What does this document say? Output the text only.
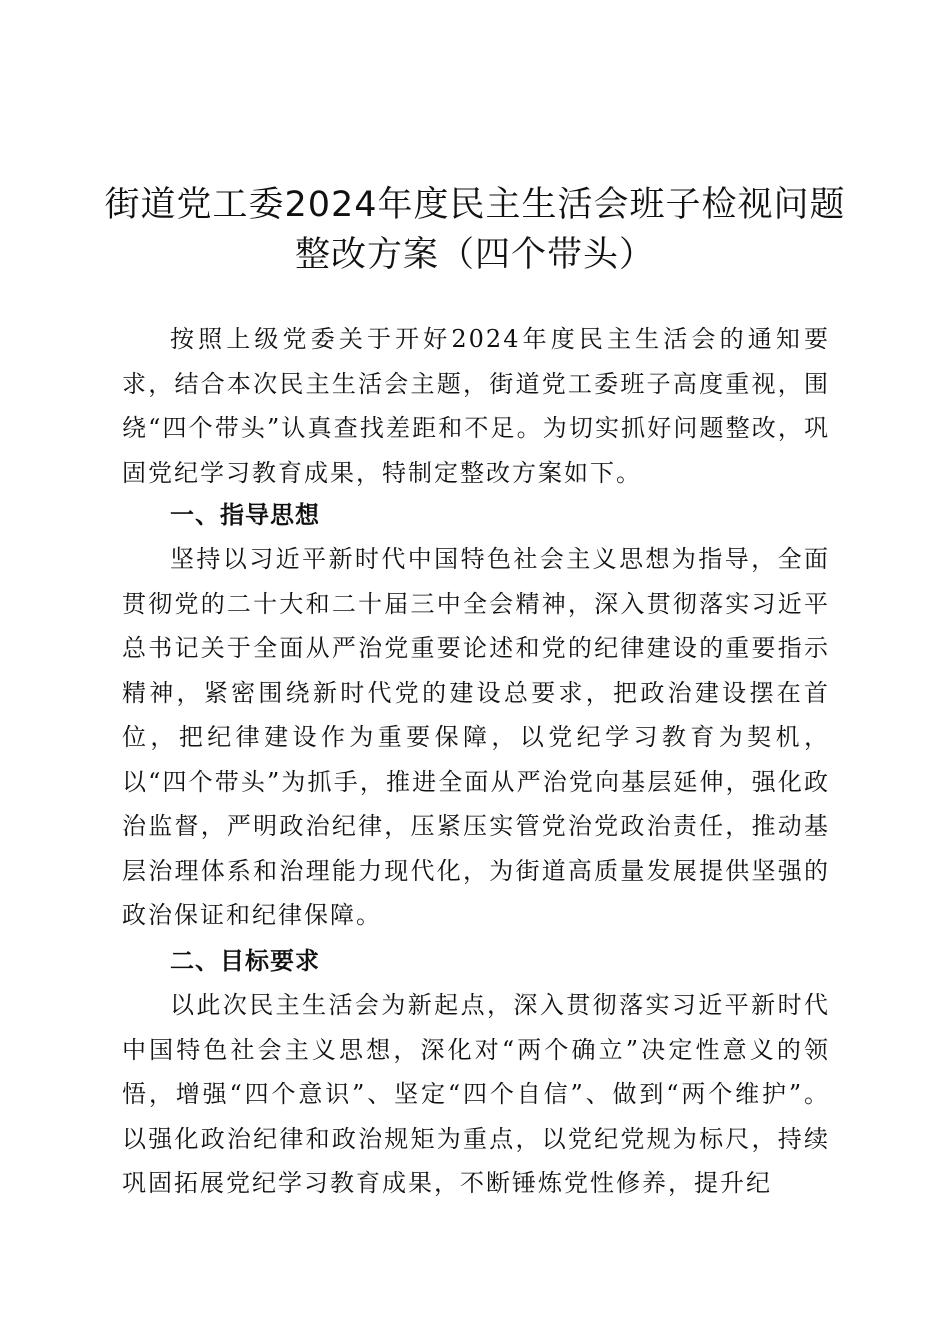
街道党工委2024年度民主生活会班子检视问题整改方案（四个带头）

按照上级党委关于开好2024年度民主生活会的通知要求，结合本次民主生活会主题，街道党工委班子高度重视，围绕“四个带头”认真查找差距和不足。为切实抓好问题整改，巩固党纪学习教育成果，特制定整改方案如下。

一、指导思想

坚持以习近平新时代中国特色社会主义思想为指导，全面贯彻党的二十大和二十届三中全会精神，深入贯彻落实习近平总书记关于全面从严治党重要论述和党的纪律建设的重要指示精神，紧密围绕新时代党的建设总要求，把政治建设摆在首位，把纪律建设作为重要保障，以党纪学习教育为契机，以“四个带头”为抓手，推进全面从严治党向基层延伸，强化政治监督，严明政治纪律，压紧压实管党治党政治责任，推动基层治理体系和治理能力现代化，为街道高质量发展提供坚强的政治保证和纪律保障。

二、目标要求

以此次民主生活会为新起点，深入贯彻落实习近平新时代中国特色社会主义思想，深化对“两个确立”决定性意义的领悟，增强“四个意识”、坚定“四个自信”、做到“两个维护”。以强化政治纪律和政治规矩为重点，以党纪党规为标尺，持续巩固拓展党纪学习教育成果，不断锤炼党性修养，提升纪
